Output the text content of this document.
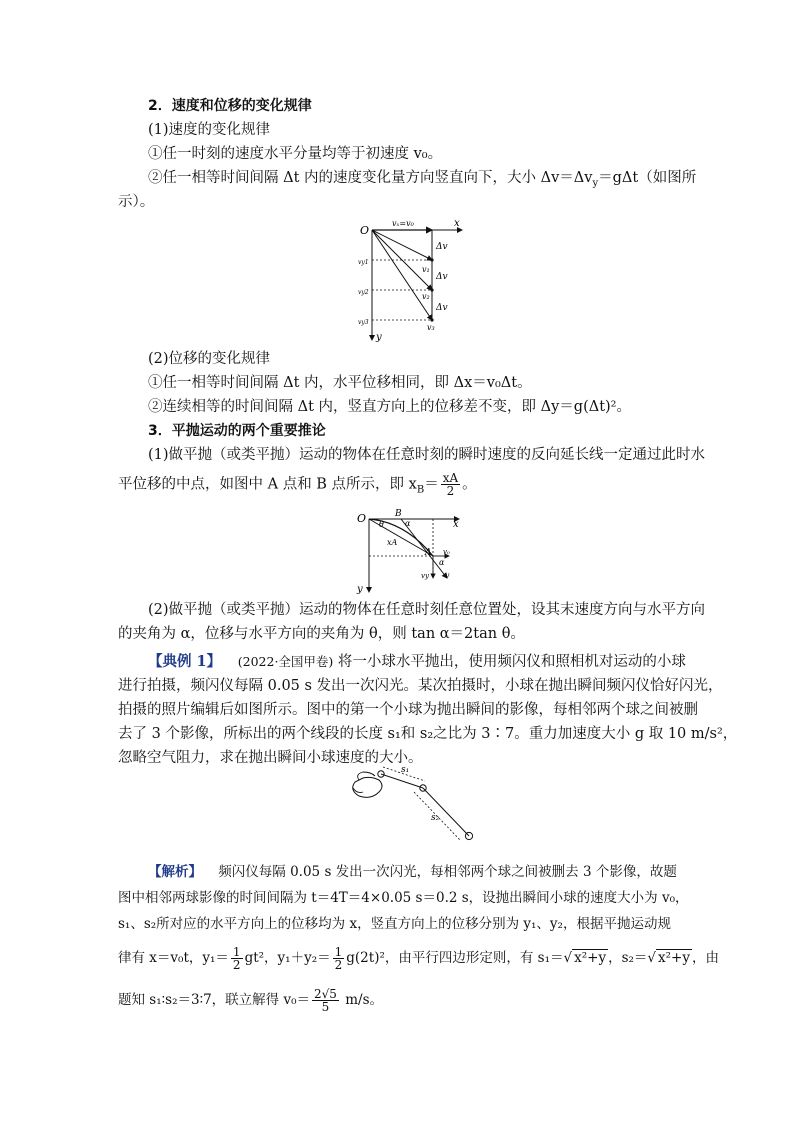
2．速度和位移的变化规律
(1)速度的变化规律
①任一时刻的速度水平分量均等于初速度 v₀。
②任一相等时间间隔 Δt 内的速度变化量方向竖直向下，大小 $\Delta v=\Delta v_y=g\Delta t$（如图所
示）。
O
x
y
vₓ=v₀
Δv
Δv
Δv
v₁
v₂
v₃
vy1
vy2
vy3
(2)位移的变化规律
①任一相等时间间隔 Δt 内，水平位移相同，即 Δx＝v₀Δt。
②连续相等的时间间隔 Δt 内，竖直方向上的位移差不变，即 Δy＝g(Δt)²。
3．平抛运动的两个重要推论
(1)做平抛（或类平抛）运动的物体在任意时刻的瞬时速度的反向延长线一定通过此时水
平位移的中点，如图中 A 点和 B 点所示，即 $x_B= \frac{xA}{2}$ 。
O	x
y
B
A
α
α
θ
xA
v₀
vy v
(2)做平抛（或类平抛）运动的物体在任意时刻任意位置处，设其末速度方向与水平方向
的夹角为 α，位移与水平方向的夹角为 θ，则 tan α＝2tan θ。
【典例 1】 (2022·全国甲卷) 将一小球水平抛出，使用频闪仪和照相机对运动的小球
进行拍摄，频闪仪每隔 0.05 s 发出一次闪光。某次拍摄时，小球在抛出瞬间频闪仪恰好闪光，
拍摄的照片编辑后如图所示。图中的第一个小球为抛出瞬间的影像，每相邻两个球之间被删
去了 3 个影像，所标出的两个线段的长度 s₁和 s₂之比为 3∶7。重力加速度大小 g 取 10 m/s²，
忽略空气阻力，求在抛出瞬间小球速度的大小。
s₁
s₂
【解析】 频闪仪每隔 0.05 s 发出一次闪光，每相邻两个球之间被删去 3 个影像，故题
图中相邻两球影像的时间间隔为 t＝4T＝4×0.05 s＝0.2 s，设抛出瞬间小球的速度大小为 v₀，
s₁、s₂所对应的水平方向上的位移均为 x，竖直方向上的位移分别为 y₁、y₂，根据平抛运动规
律有 x＝v₀t，$y_1= \frac{1}{2} gt^2$，$y_1+y_2= \frac{1}{2} g(2t)^2$，由平行四边形定则，有 s₁＝√ x²+y ，s₂＝√ x²+y ，由
题知 s₁∶s₂＝3∶7，联立解得 $v_0= \frac{2√5}{5} m/s$。
